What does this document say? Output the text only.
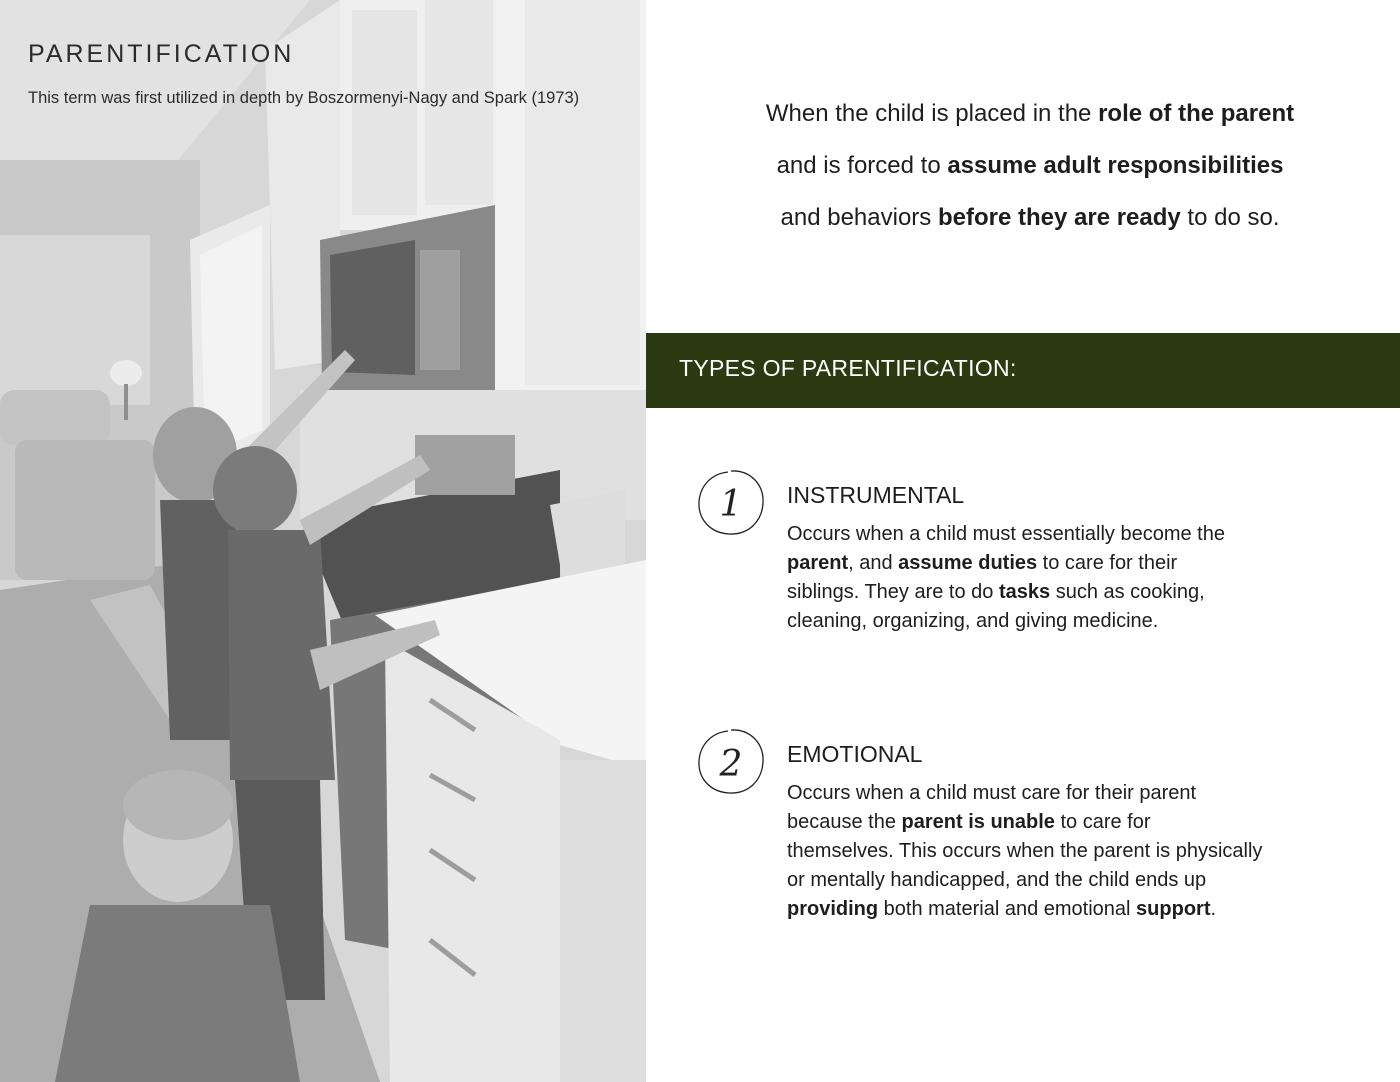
PARENTIFICATION

This term was first utilized in depth by Boszormenyi-Nagy and Spark (1973)

When the child is placed in the role of the parent
and is forced to assume adult responsibilities
and behaviors before they are ready to do so.
TYPES OF PARENTIFICATION:
1 INSTRUMENTAL
Occurs when a child must essentially become the
parent, and assume duties to care for their
siblings. They are to do tasks such as cooking,
cleaning, organizing, and giving medicine.
2 EMOTIONAL
Occurs when a child must care for their parent
because the parent is unable to care for
themselves. This occurs when the parent is physically
or mentally handicapped, and the child ends up
providing both material and emotional support.
